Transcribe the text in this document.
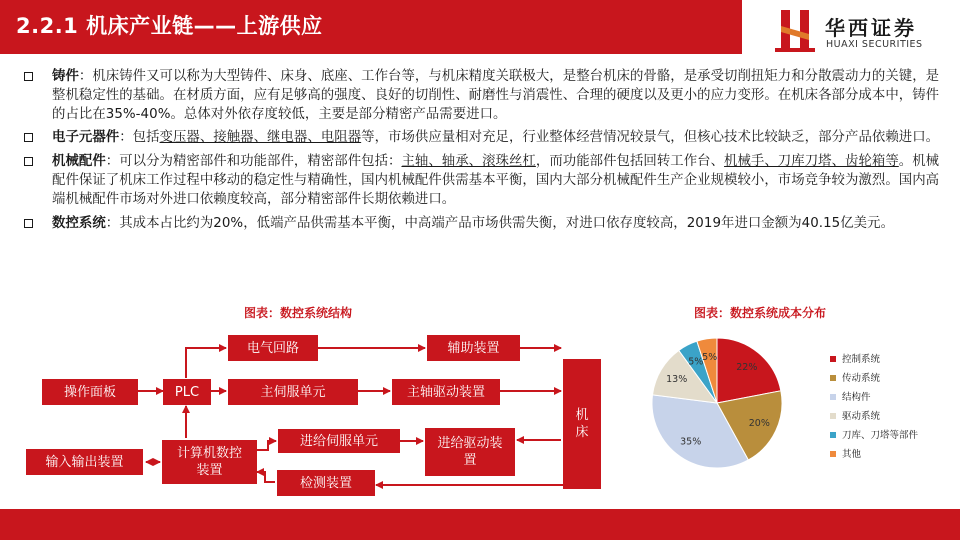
2.2.1 机床产业链——上游供应	华西证券
HUAXI SECURITIES
铸件：机床铸件又可以称为大型铸件、床身、底座、工作台等，与机床精度关联极大，是整台机床的骨骼，是承受切削扭矩力和分散震动力的关键，是整机稳定性的基础。在材质方面，应有足够高的强度、良好的切削性、耐磨性与消震性、合理的硬度以及更小的应力变形。在机床各部分成本中，铸件的占比在35%-40%。总体对外依存度较低，主要是部分精密产品需要进口。
电子元器件：包括变压器、接触器、继电器、电阻器等，市场供应量相对充足，行业整体经营情况较景气，但核心技术比较缺乏，部分产品依赖进口。
机械配件：可以分为精密部件和功能部件，精密部件包括：主轴、轴承、滚珠丝杠，而功能部件包括回转工作台、机械手、刀库刀塔、齿轮箱等。机械配件保证了机床工作过程中移动的稳定性与精确性，国内机械配件供需基本平衡，国内大部分机械配件生产企业规模较小，市场竞争较为激烈。国内高端机械配件市场对外进口依赖度较高，部分精密部件长期依赖进口。
数控系统：其成本占比约为20%，低端产品供需基本平衡，中高端产品市场供需失衡，对进口依存度较高，2019年进口金额为40.15亿美元。
图表：数控系统结构	图表：数控系统成本分布
操作面板	PLC
电气回路	辅助装置
主伺服单元	主轴驱动装置
机
床
输入输出装置
计算机数控
装置
进给伺服单元	进给驱动装
置
检测装置
22%
20%
35%
13%
5%
5%	控制系统
传动系统
结构件
驱动系统
刀库、刀塔等部件
其他
